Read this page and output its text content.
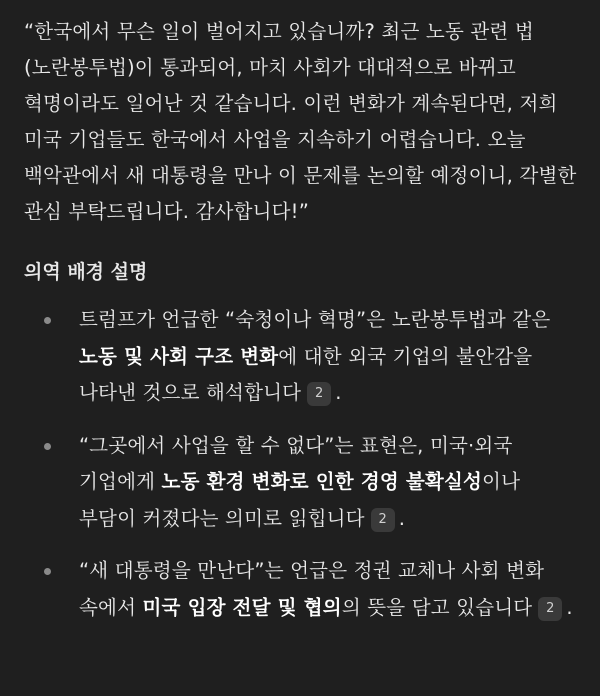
“한국에서 무슨 일이 벌어지고 있습니까? 최근 노동 관련 법(노란봉투법)이 통과되어, 마치 사회가 대대적으로 바뀌고 혁명이라도 일어난 것 같습니다. 이런 변화가 계속된다면, 저희 미국 기업들도 한국에서 사업을 지속하기 어렵습니다. 오늘 백악관에서 새 대통령을 만나 이 문제를 논의할 예정이니, 각별한 관심 부탁드립니다. 감사합니다!”

의역 배경 설명
트럼프가 언급한 “숙청이나 혁명”은 노란봉투법과 같은 노동 및 사회 구조 변화에 대한 외국 기업의 불안감을 나타낸 것으로 해석합니다 2 .
“그곳에서 사업을 할 수 없다”는 표현은, 미국·외국 기업에게 노동 환경 변화로 인한 경영 불확실성이나 부담이 커졌다는 의미로 읽힙니다 2 .
“새 대통령을 만난다”는 언급은 정권 교체나 사회 변화 속에서 미국 입장 전달 및 협의의 뜻을 담고 있습니다 2 .
